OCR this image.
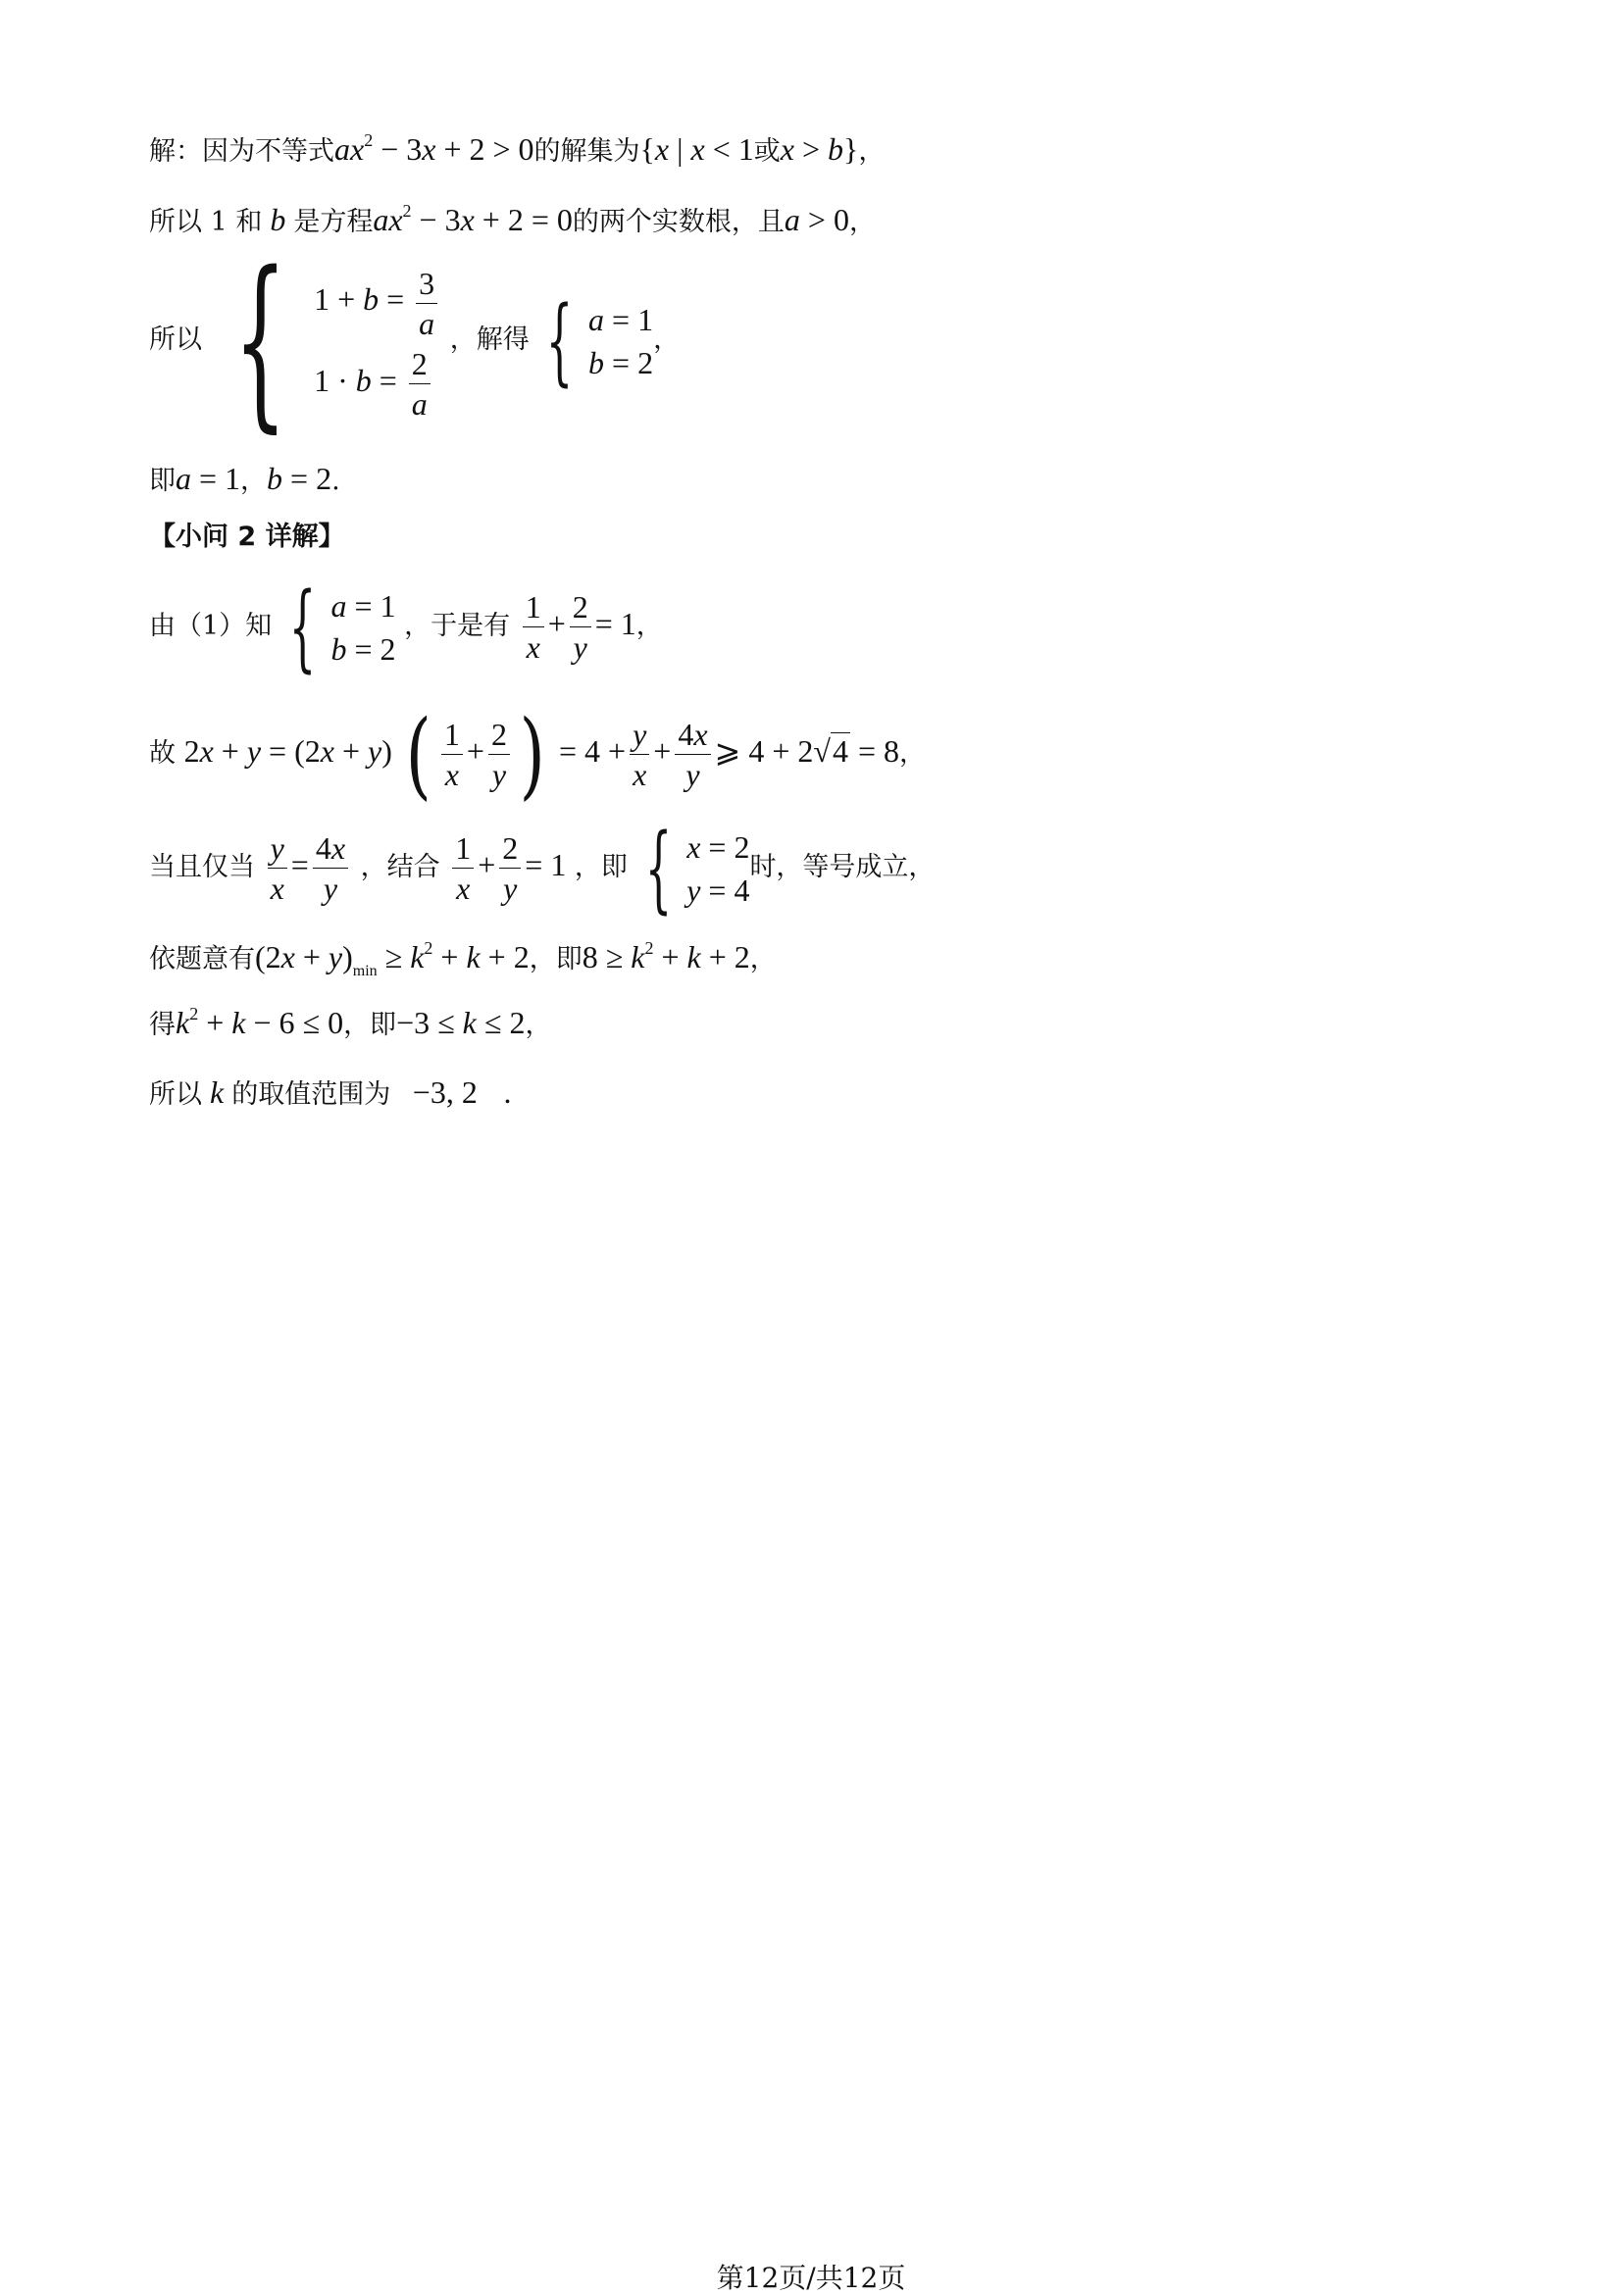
解：因为不等式$ax^2 - 3x + 2 > 0$的解集为{x | x < 1或x > b}，
所以 1 和 b 是方程$ax^2 - 3x + 2 = 0$的两个实数根，且a > 0，
所以 { $1 + b = \frac{3}{a}$
$1 \cdot b = \frac{2}{a}$
，解得 { a = 1
b = 2
，
即a = 1，b = 2.
【小问 2 详解】
由（1）知 { a = 1
b = 2
，于是有 $\frac{1}{x} + \frac{2}{y} = 1$，
故 2x + y = (2x + y) ( $\frac{1}{x} + \frac{2}{y}$ ) = $4 + \frac{y}{x} + \frac{4x}{y}$ ⩾ 4 + 2√4 = 8，
当且仅当 $\frac{y}{x} = \frac{4x}{y}$ ，结合 $\frac{1}{x} + \frac{2}{y} = 1$ ，即 { x = 2
y = 4
时，等号成立，
依题意有$(2x + y)_{min} \ge k^2 + k + 2$，即$8 \ge k^2 + k + 2$，
得$k^2 + k - 6 \le 0$，即−3 ≤ k ≤ 2，
所以 k 的取值范围为 −3, 2 .
第12页/共12页
